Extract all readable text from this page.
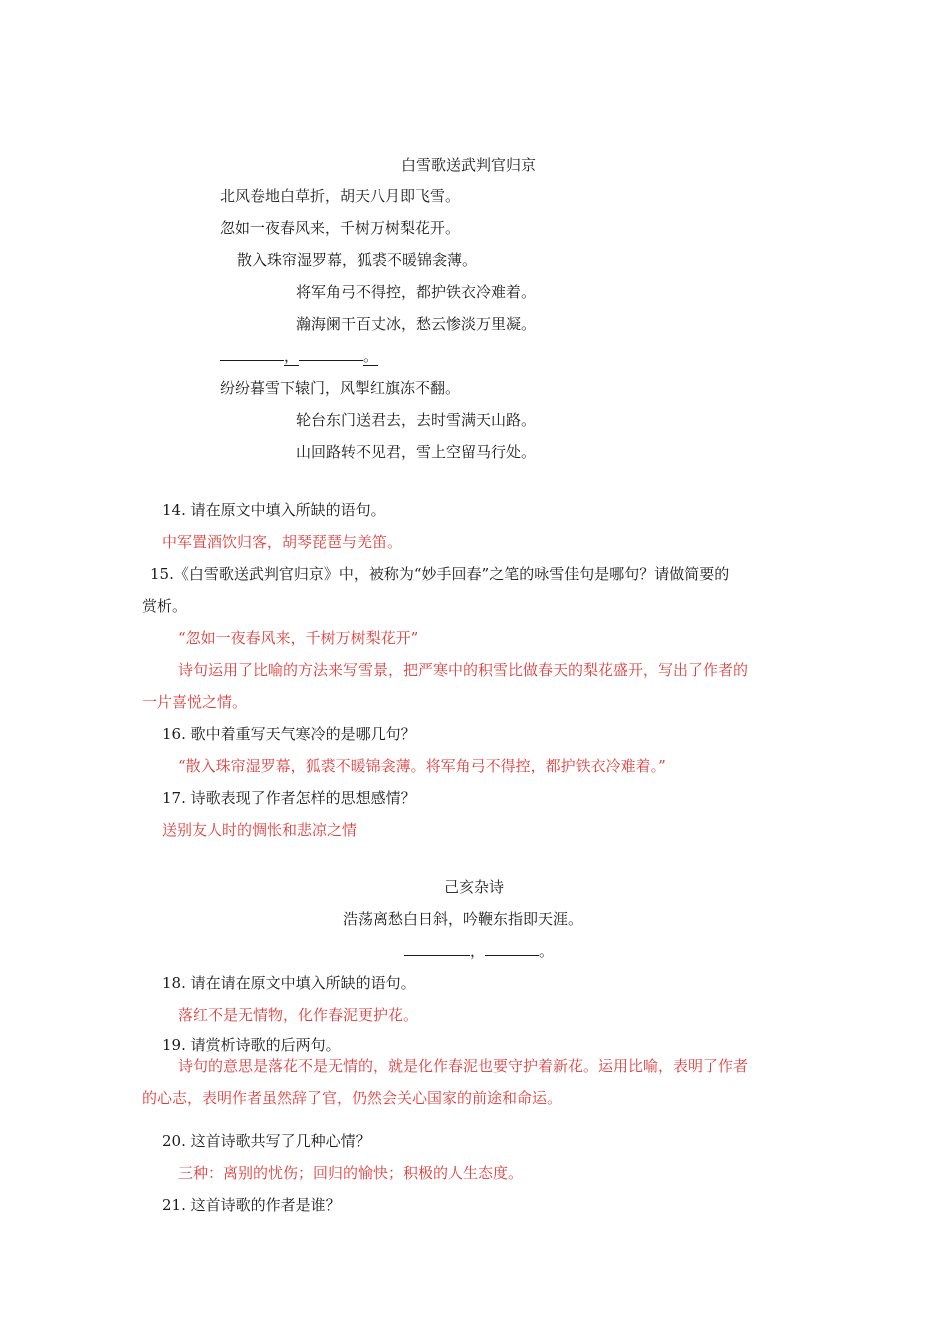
白雪歌送武判官归京
北风卷地白草折，胡天八月即飞雪。
忽如一夜春风来，千树万树梨花开。
散入珠帘湿罗幕，狐裘不暖锦衾薄。
将军角弓不得控，都护铁衣冷难着。
瀚海阑干百丈冰，愁云惨淡万里凝。
，	。
纷纷暮雪下辕门，风掣红旗冻不翻。
轮台东门送君去，去时雪满天山路。
山回路转不见君，雪上空留马行处。
14. 请在原文中填入所缺的语句。
中军置酒饮归客，胡琴琵琶与羌笛。
15.《白雪歌送武判官归京》中，被称为“妙手回春”之笔的咏雪佳句是哪句？请做简要的
赏析。
“忽如一夜春风来，千树万树梨花开”
诗句运用了比喻的方法来写雪景，把严寒中的积雪比做春天的梨花盛开，写出了作者的
一片喜悦之情。
16. 歌中着重写天气寒冷的是哪几句？
“散入珠帘湿罗幕，狐裘不暖锦衾薄。将军角弓不得控，都护铁衣冷难着。”
17. 诗歌表现了作者怎样的思想感情？
送别友人时的惆怅和悲凉之情
己亥杂诗
浩荡离愁白日斜，吟鞭东指即天涯。
，	。
18. 请在请在原文中填入所缺的语句。
落红不是无情物，化作春泥更护花。
19. 请赏析诗歌的后两句。
诗句的意思是落花不是无情的，就是化作春泥也要守护着新花。运用比喻，表明了作者
的心志，表明作者虽然辞了官，仍然会关心国家的前途和命运。
20. 这首诗歌共写了几种心情？
三种：离别的忧伤；回归的愉快；积极的人生态度。
21. 这首诗歌的作者是谁？
